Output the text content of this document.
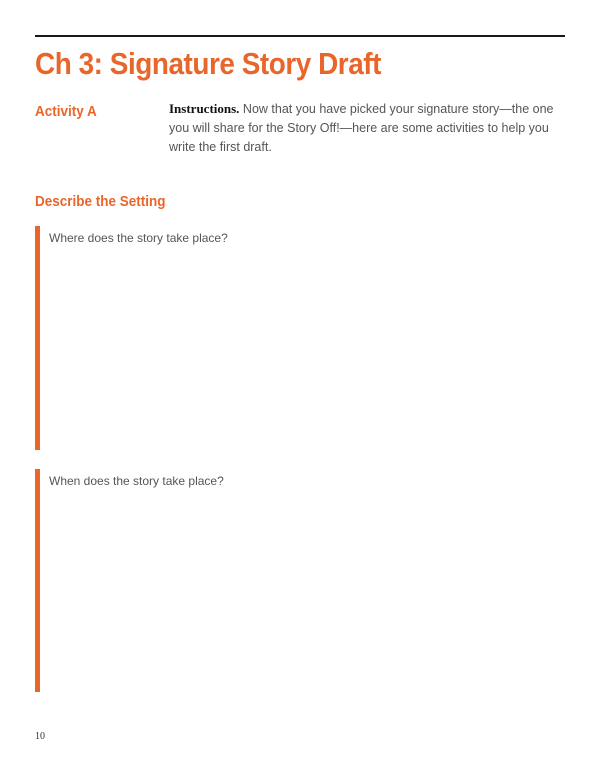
Ch 3: Signature Story Draft
Activity A	Instructions. Now that you have picked your signature story—the one you will share for the Story Off!—here are some activities to help you write the first draft.
Describe the Setting
Where does the story take place?
When does the story take place?
10
